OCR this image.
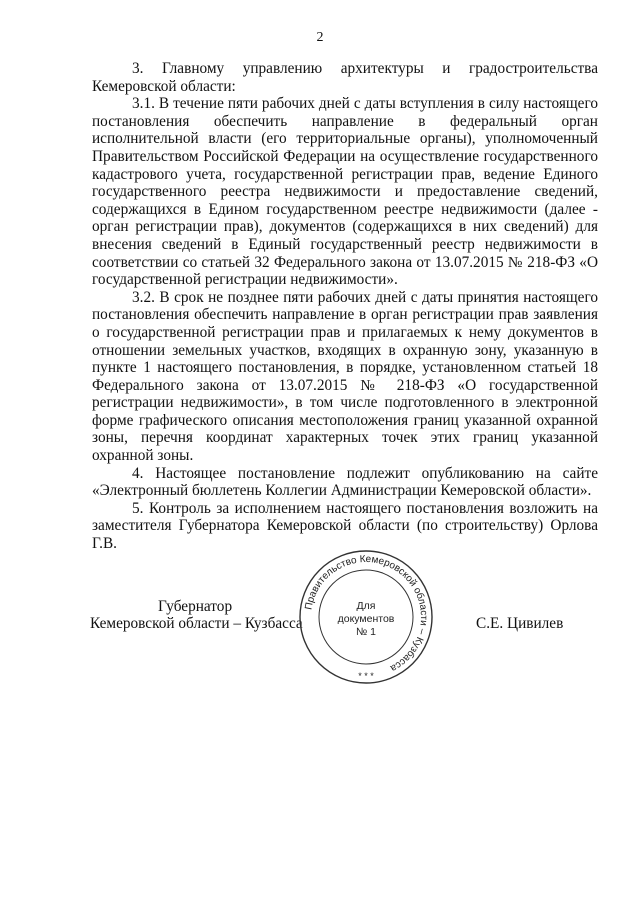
2

3. Главному управлению архитектуры и градостроительства Кемеровской области:

3.1. В течение пяти рабочих дней с даты вступления в силу настоящего постановления обеспечить направление в федеральный орган исполнительной власти (его территориальные органы), уполномоченный Правительством Российской Федерации на осуществление государственного кадастрового учета, государственной регистрации прав, ведение Единого государственного реестра недвижимости и предоставление сведений, содержащихся в Едином государственном реестре недвижимости (далее - орган регистрации прав), документов (содержащихся в них сведений) для внесения сведений в Единый государственный реестр недвижимости в соответствии со статьей 32 Федерального закона от 13.07.2015 № 218-ФЗ «О государственной регистрации недвижимости».

3.2. В срок не позднее пяти рабочих дней с даты принятия настоящего постановления обеспечить направление в орган регистрации прав заявления о государственной регистрации прав и прилагаемых к нему документов в отношении земельных участков, входящих в охранную зону, указанную в пункте 1 настоящего постановления, в порядке, установленном статьей 18 Федерального закона от 13.07.2015 № 218-ФЗ «О государственной регистрации недвижимости», в том числе подготовленного в электронной форме графического описания местоположения границ указанной охранной зоны, перечня координат характерных точек этих границ указанной охранной зоны.

4. Настоящее постановление подлежит опубликованию на сайте «Электронный бюллетень Коллегии Администрации Кемеровской области».

5. Контроль за исполнением настоящего постановления возложить на заместителя Губернатора Кемеровской области (по строительству) Орлова Г.В.

Губернатор
Кемеровской области – Кузбасса	С.Е. Цивилев
Правительство Кемеровской области – Кузбасса
Для
документов
№ 1
* * *
